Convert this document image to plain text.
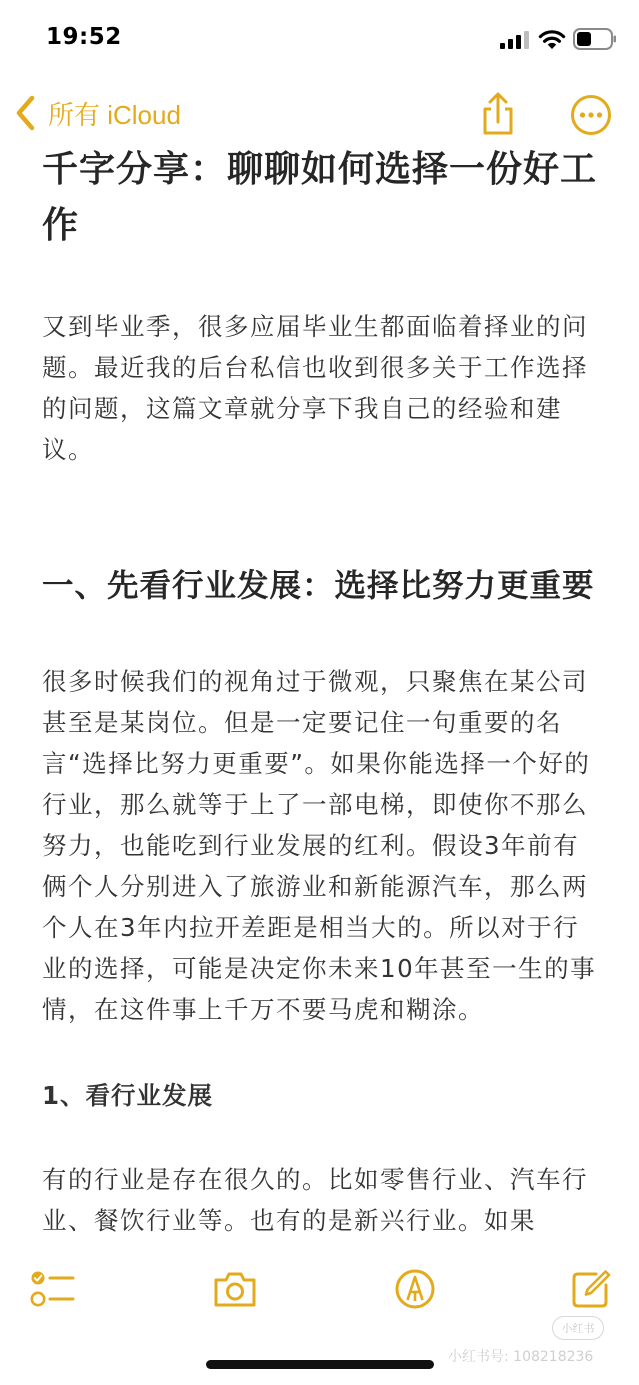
19:52
所有 iCloud
千字分享：聊聊如何选择一份好工作
又到毕业季，很多应届毕业生都面临着择业的问题。最近我的后台私信也收到很多关于工作选择的问题，这篇文章就分享下我自己的经验和建议。
一、先看行业发展：选择比努力更重要
很多时候我们的视角过于微观，只聚焦在某公司甚至是某岗位。但是一定要记住一句重要的名言“选择比努力更重要”。如果你能选择一个好的行业，那么就等于上了一部电梯，即使你不那么努力，也能吃到行业发展的红利。假设3年前有俩个人分别进入了旅游业和新能源汽车，那么两个人在3年内拉开差距是相当大的。所以对于行业的选择，可能是决定你未来10年甚至一生的事情，在这件事上千万不要马虎和糊涂。
1、看行业发展
有的行业是存在很久的。比如零售行业、汽车行业、餐饮行业等。也有的是新兴行业。如果
小红书
小红书号: 108218236
